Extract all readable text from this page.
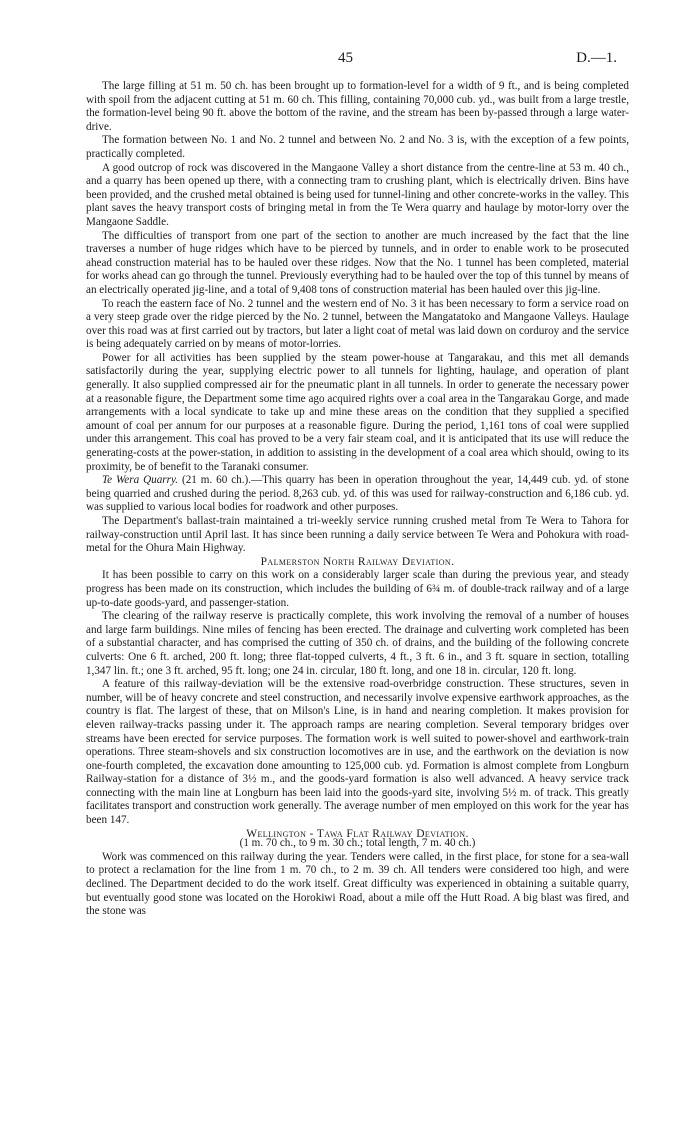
45	D.—1.

The large filling at 51 m. 50 ch. has been brought up to formation-level for a width of 9 ft., and is being completed with spoil from the adjacent cutting at 51 m. 60 ch. This filling, containing 70,000 cub. yd., was built from a large trestle, the formation-level being 90 ft. above the bottom of the ravine, and the stream has been by-passed through a large water-drive.

The formation between No. 1 and No. 2 tunnel and between No. 2 and No. 3 is, with the exception of a few points, practically completed.

A good outcrop of rock was discovered in the Mangaone Valley a short distance from the centre-line at 53 m. 40 ch., and a quarry has been opened up there, with a connecting tram to crushing plant, which is electrically driven. Bins have been provided, and the crushed metal obtained is being used for tunnel-lining and other concrete-works in the valley. This plant saves the heavy transport costs of bringing metal in from the Te Wera quarry and haulage by motor-lorry over the Mangaone Saddle.

The difficulties of transport from one part of the section to another are much increased by the fact that the line traverses a number of huge ridges which have to be pierced by tunnels, and in order to enable work to be prosecuted ahead construction material has to be hauled over these ridges. Now that the No. 1 tunnel has been completed, material for works ahead can go through the tunnel. Previously everything had to be hauled over the top of this tunnel by means of an electrically operated jig-line, and a total of 9,408 tons of construction material has been hauled over this jig-line.

To reach the eastern face of No. 2 tunnel and the western end of No. 3 it has been necessary to form a service road on a very steep grade over the ridge pierced by the No. 2 tunnel, between the Mangatatoko and Mangaone Valleys. Haulage over this road was at first carried out by tractors, but later a light coat of metal was laid down on corduroy and the service is being adequately carried on by means of motor-lorries.

Power for all activities has been supplied by the steam power-house at Tangarakau, and this met all demands satisfactorily during the year, supplying electric power to all tunnels for lighting, haulage, and operation of plant generally. It also supplied compressed air for the pneumatic plant in all tunnels. In order to generate the necessary power at a reasonable figure, the Department some time ago acquired rights over a coal area in the Tangarakau Gorge, and made arrangements with a local syndicate to take up and mine these areas on the condition that they supplied a specified amount of coal per annum for our purposes at a reasonable figure. During the period, 1,161 tons of coal were supplied under this arrangement. This coal has proved to be a very fair steam coal, and it is anticipated that its use will reduce the generating-costs at the power-station, in addition to assisting in the development of a coal area which should, owing to its proximity, be of benefit to the Taranaki consumer.

Te Wera Quarry. (21 m. 60 ch.).—This quarry has been in operation throughout the year, 14,449 cub. yd. of stone being quarried and crushed during the period. 8,263 cub. yd. of this was used for railway-construction and 6,186 cub. yd. was supplied to various local bodies for roadwork and other purposes.

The Department's ballast-train maintained a tri-weekly service running crushed metal from Te Wera to Tahora for railway-construction until April last. It has since been running a daily service between Te Wera and Pohokura with road-metal for the Ohura Main Highway.

Palmerston North Railway Deviation.

It has been possible to carry on this work on a considerably larger scale than during the previous year, and steady progress has been made on its construction, which includes the building of 6¾ m. of double-track railway and of a large up-to-date goods-yard, and passenger-station.

The clearing of the railway reserve is practically complete, this work involving the removal of a number of houses and large farm buildings. Nine miles of fencing has been erected. The drainage and culverting work completed has been of a substantial character, and has comprised the cutting of 350 ch. of drains, and the building of the following concrete culverts: One 6 ft. arched, 200 ft. long; three flat-topped culverts, 4 ft., 3 ft. 6 in., and 3 ft. square in section, totalling 1,347 lin. ft.; one 3 ft. arched, 95 ft. long; one 24 in. circular, 180 ft. long, and one 18 in. circular, 120 ft. long.

A feature of this railway-deviation will be the extensive road-overbridge construction. These structures, seven in number, will be of heavy concrete and steel construction, and necessarily involve expensive earthwork approaches, as the country is flat. The largest of these, that on Milson's Line, is in hand and nearing completion. It makes provision for eleven railway-tracks passing under it. The approach ramps are nearing completion. Several temporary bridges over streams have been erected for service purposes. The formation work is well suited to power-shovel and earthwork-train operations. Three steam-shovels and six construction locomotives are in use, and the earthwork on the deviation is now one-fourth completed, the excavation done amounting to 125,000 cub. yd. Formation is almost complete from Longburn Railway-station for a distance of 3½ m., and the goods-yard formation is also well advanced. A heavy service track connecting with the main line at Longburn has been laid into the goods-yard site, involving 5½ m. of track. This greatly facilitates transport and construction work generally. The average number of men employed on this work for the year has been 147.

Wellington - Tawa Flat Railway Deviation.

(1 m. 70 ch., to 9 m. 30 ch.; total length, 7 m. 40 ch.)

Work was commenced on this railway during the year. Tenders were called, in the first place, for stone for a sea-wall to protect a reclamation for the line from 1 m. 70 ch., to 2 m. 39 ch. All tenders were considered too high, and were declined. The Department decided to do the work itself. Great difficulty was experienced in obtaining a suitable quarry, but eventually good stone was located on the Horokiwi Road, about a mile off the Hutt Road. A big blast was fired, and the stone was
